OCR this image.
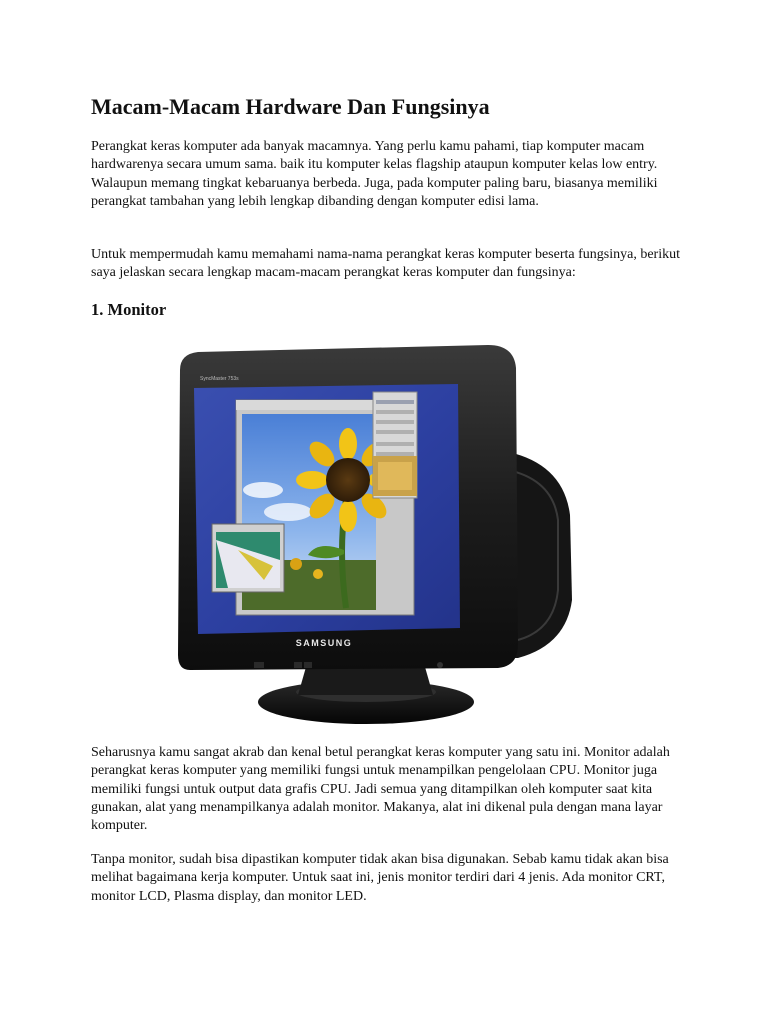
Macam-Macam Hardware Dan Fungsinya

Perangkat keras komputer ada banyak macamnya. Yang perlu kamu pahami, tiap komputer macam hardwarenya secara umum sama. baik itu komputer kelas flagship ataupun komputer kelas low entry. Walaupun memang tingkat kebaruanya berbeda. Juga, pada komputer paling baru, biasanya memiliki perangkat tambahan yang lebih lengkap dibanding dengan komputer edisi lama.

Untuk mempermudah kamu memahami nama-nama perangkat keras komputer beserta fungsinya, berikut saya jelaskan secara lengkap macam-macam perangkat keras komputer dan fungsinya:

1. Monitor
SyncMaster 753s
SAMSUNG

Seharusnya kamu sangat akrab dan kenal betul perangkat keras komputer yang satu ini. Monitor adalah perangkat keras komputer yang memiliki fungsi untuk menampilkan pengelolaan CPU. Monitor juga memiliki fungsi untuk output data grafis CPU. Jadi semua yang ditampilkan oleh komputer saat kita gunakan, alat yang menampilkanya adalah monitor. Makanya, alat ini dikenal pula dengan mana layar komputer.

Tanpa monitor, sudah bisa dipastikan komputer tidak akan bisa digunakan. Sebab kamu tidak akan bisa melihat bagaimana kerja komputer. Untuk saat ini, jenis monitor terdiri dari 4 jenis. Ada monitor CRT, monitor LCD, Plasma display, dan monitor LED.
